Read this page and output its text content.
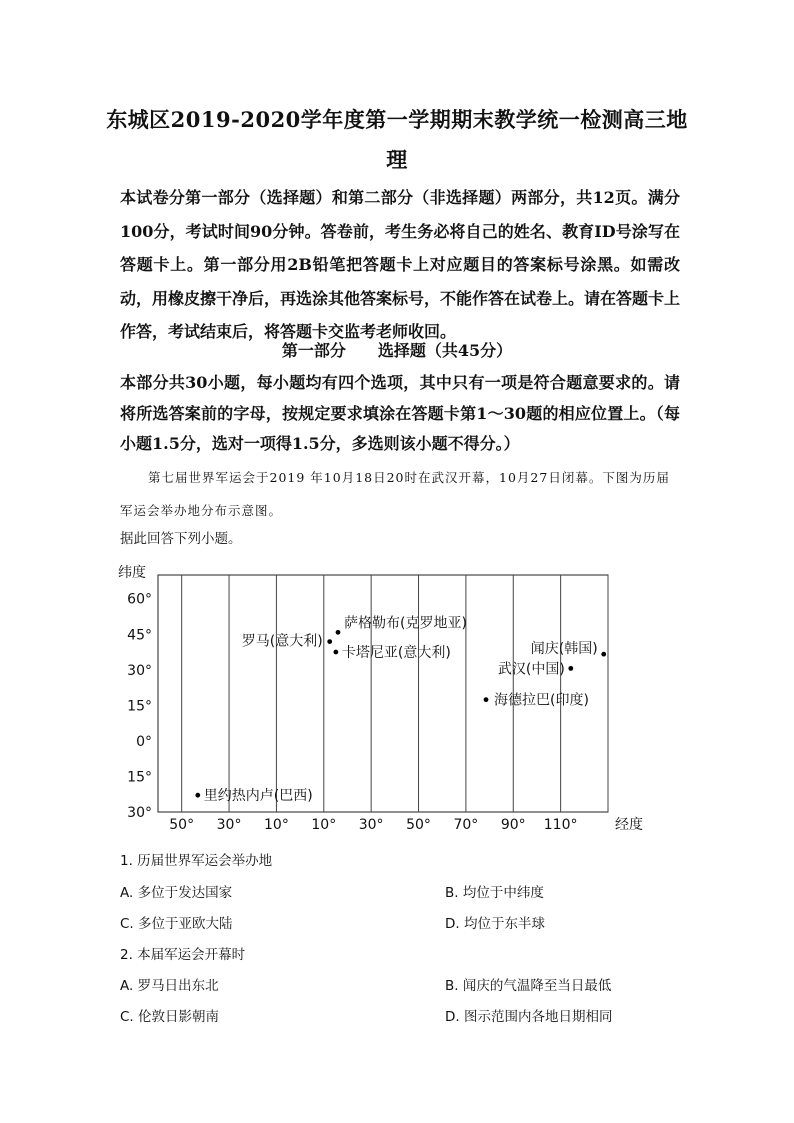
东城区2019-2020学年度第一学期期末教学统一检测高三地
理
本试卷分第一部分（选择题）和第二部分（非选择题）两部分，共12页。满分100分，考试时间90分钟。答卷前，考生务必将自己的姓名、教育ID号涂写在答题卡上。第一部分用2B铅笔把答题卡上对应题目的答案标号涂黑。如需改动，用橡皮擦干净后，再选涂其他答案标号，不能作答在试卷上。请在答题卡上作答，考试结束后，将答题卡交监考老师收回。
第一部分 选择题（共45分）
本部分共30小题，每小题均有四个选项，其中只有一项是符合题意要求的。请将所选答案前的字母，按规定要求填涂在答题卡第1～30题的相应位置上。（每小题1.5分，选对一项得1.5分，多选则该小题不得分。）
第七届世界军运会于2019 年10月18日20时在武汉开幕，10月27日闭幕。下图为历届军运会举办地分布示意图。
据此回答下列小题。
50° 30° 10° 10° 30° 50° 70° 90° 110°
60°
45°
30°
15°
0°
15°
30°
纬度
经度
萨格勒布(克罗地亚)
罗马(意大利)
卡塔尼亚(意大利)	闻庆(韩国)
武汉(中国)
海德拉巴(印度)
里约热内卢(巴西)
1. 历届世界军运会举办地
A. 多位于发达国家	B. 均位于中纬度
C. 多位于亚欧大陆	D. 均位于东半球
2. 本届军运会开幕时
A. 罗马日出东北	B. 闻庆的气温降至当日最低
C. 伦敦日影朝南	D. 图示范围内各地日期相同
